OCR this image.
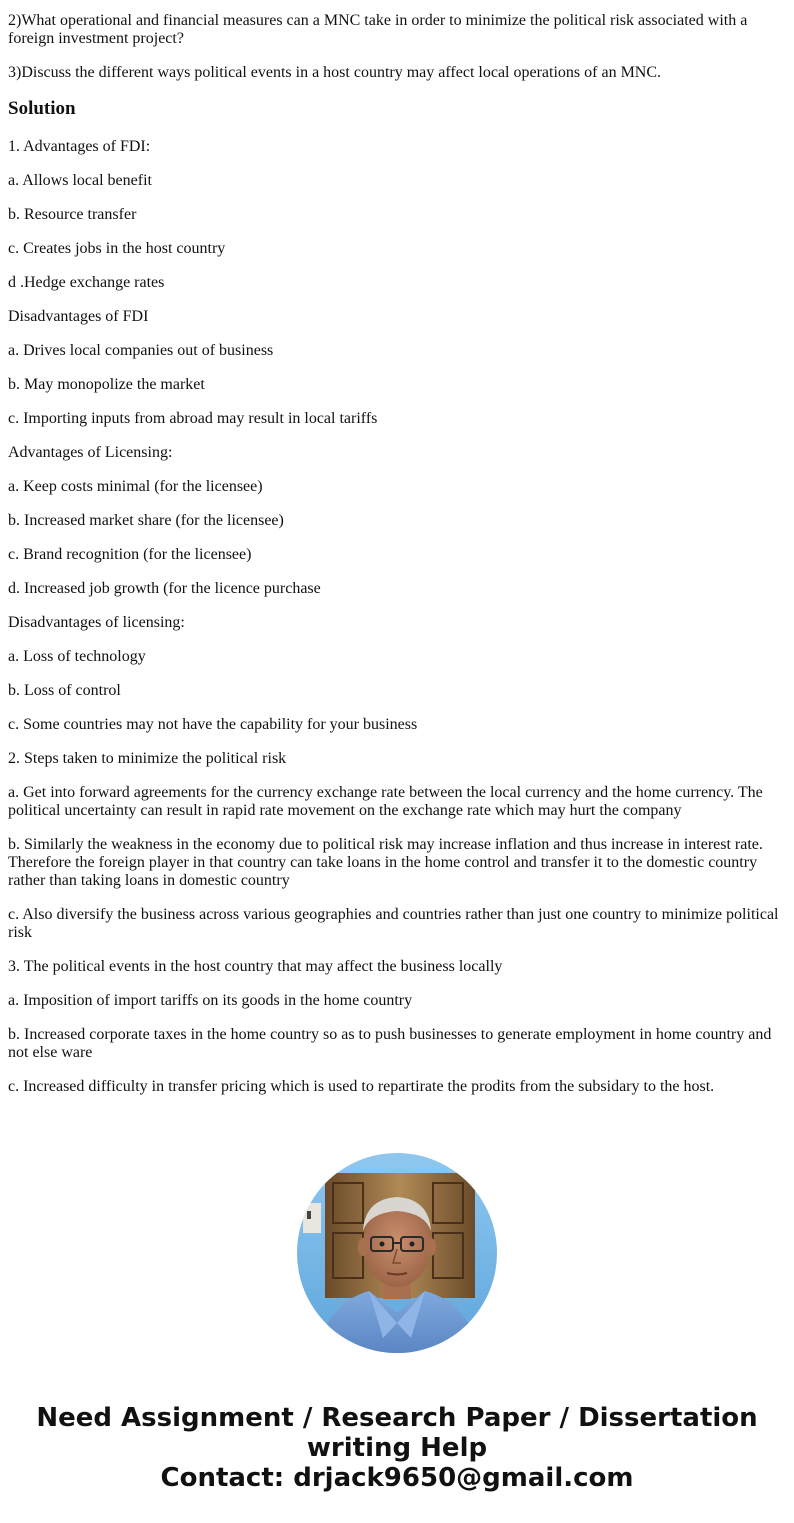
2)What operational and financial measures can a MNC take in order to minimize the political risk associated with a foreign investment project?
3)Discuss the different ways political events in a host country may affect local operations of an MNC.
Solution
1. Advantages of FDI:
a. Allows local benefit
b. Resource transfer
c. Creates jobs in the host country
d .Hedge exchange rates
Disadvantages of FDI
a. Drives local companies out of business
b. May monopolize the market
c. Importing inputs from abroad may result in local tariffs
Advantages of Licensing:
a. Keep costs minimal (for the licensee)
b. Increased market share (for the licensee)
c. Brand recognition (for the licensee)
d. Increased job growth (for the licence purchase
Disadvantages of licensing:
a. Loss of technology
b. Loss of control
c. Some countries may not have the capability for your business
2. Steps taken to minimize the political risk
a. Get into forward agreements for the currency exchange rate between the local currency and the home currency. The political uncertainty can result in rapid rate movement on the exchange rate which may hurt the company
b. Similarly the weakness in the economy due to political risk may increase inflation and thus increase in interest rate. Therefore the foreign player in that country can take loans in the home control and transfer it to the domestic country rather than taking loans in domestic country
c. Also diversify the business across various geographies and countries rather than just one country to minimize political risk
3. The political events in the host country that may affect the business locally
a. Imposition of import tariffs on its goods in the home country
b. Increased corporate taxes in the home country so as to push businesses to generate employment in home country and not else ware
c. Increased difficulty in transfer pricing which is used to repartirate the prodits from the subsidary to the host.
Need Assignment / Research Paper / Dissertation
writing Help
Contact: drjack9650@gmail.com
